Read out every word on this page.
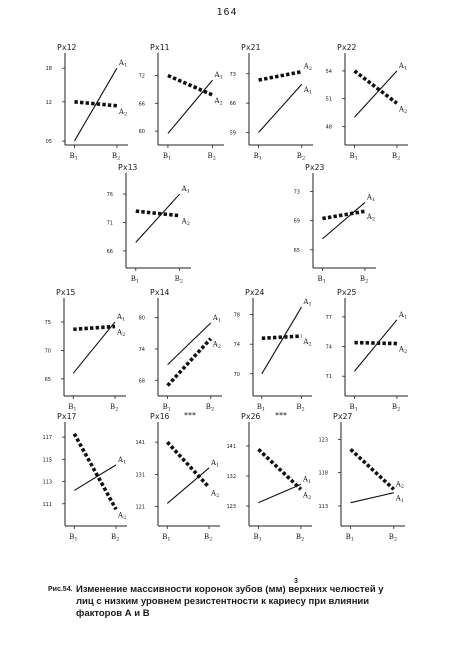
164
Px12
18
12
05
$B_1$	$B_2$
$A_1$
$A_2$
Px11
72
66
60
$B_1$	$B_2$
$A_1$
$A_2$
Px21
73
66
59
$B_1$	$B_2$
$A_1$
$A_2$
Px22
54
51
48
$B_1$	$B_2$
$A_1$
$A_2$
Px13
76
71
66
$B_1$	$B_2$
$A_1$
$A_2$
Px23
73
69
65
$B_1$	$B_2$
$A_1$
$A_2$
Px15
75
70
65
$B_1$	$B_2$
$A_1$
$A_2$
Px14
80
74
68
$B_1$	$B_2$
$A_1$
$A_2$
Px24
78
74
70
$B_1$	$B_2$
$A_1$
$A_2$
Px25
77
74
71
$B_1$	$B_2$
$A_1$
$A_2$
Px17
117
115
113
111
$B_1$	$B_2$
$A_1$
$A_2$
Px16 ***
141
131
121
$B_1$	$B_2$
$A_1$
$A_2$
Px26 ***
141
132
123
$B_1$	$B_2$
$A_1$
$A_2$
Px27
123
118
113
$B_1$	$B_2$
$A_1$
$A_2$
Рис.54. Изменение массивности коронок зубов (мм) верхних челюстей у
лиц с низким уровнем резистентности к кариесу при влиянии
факторов А и В
3
